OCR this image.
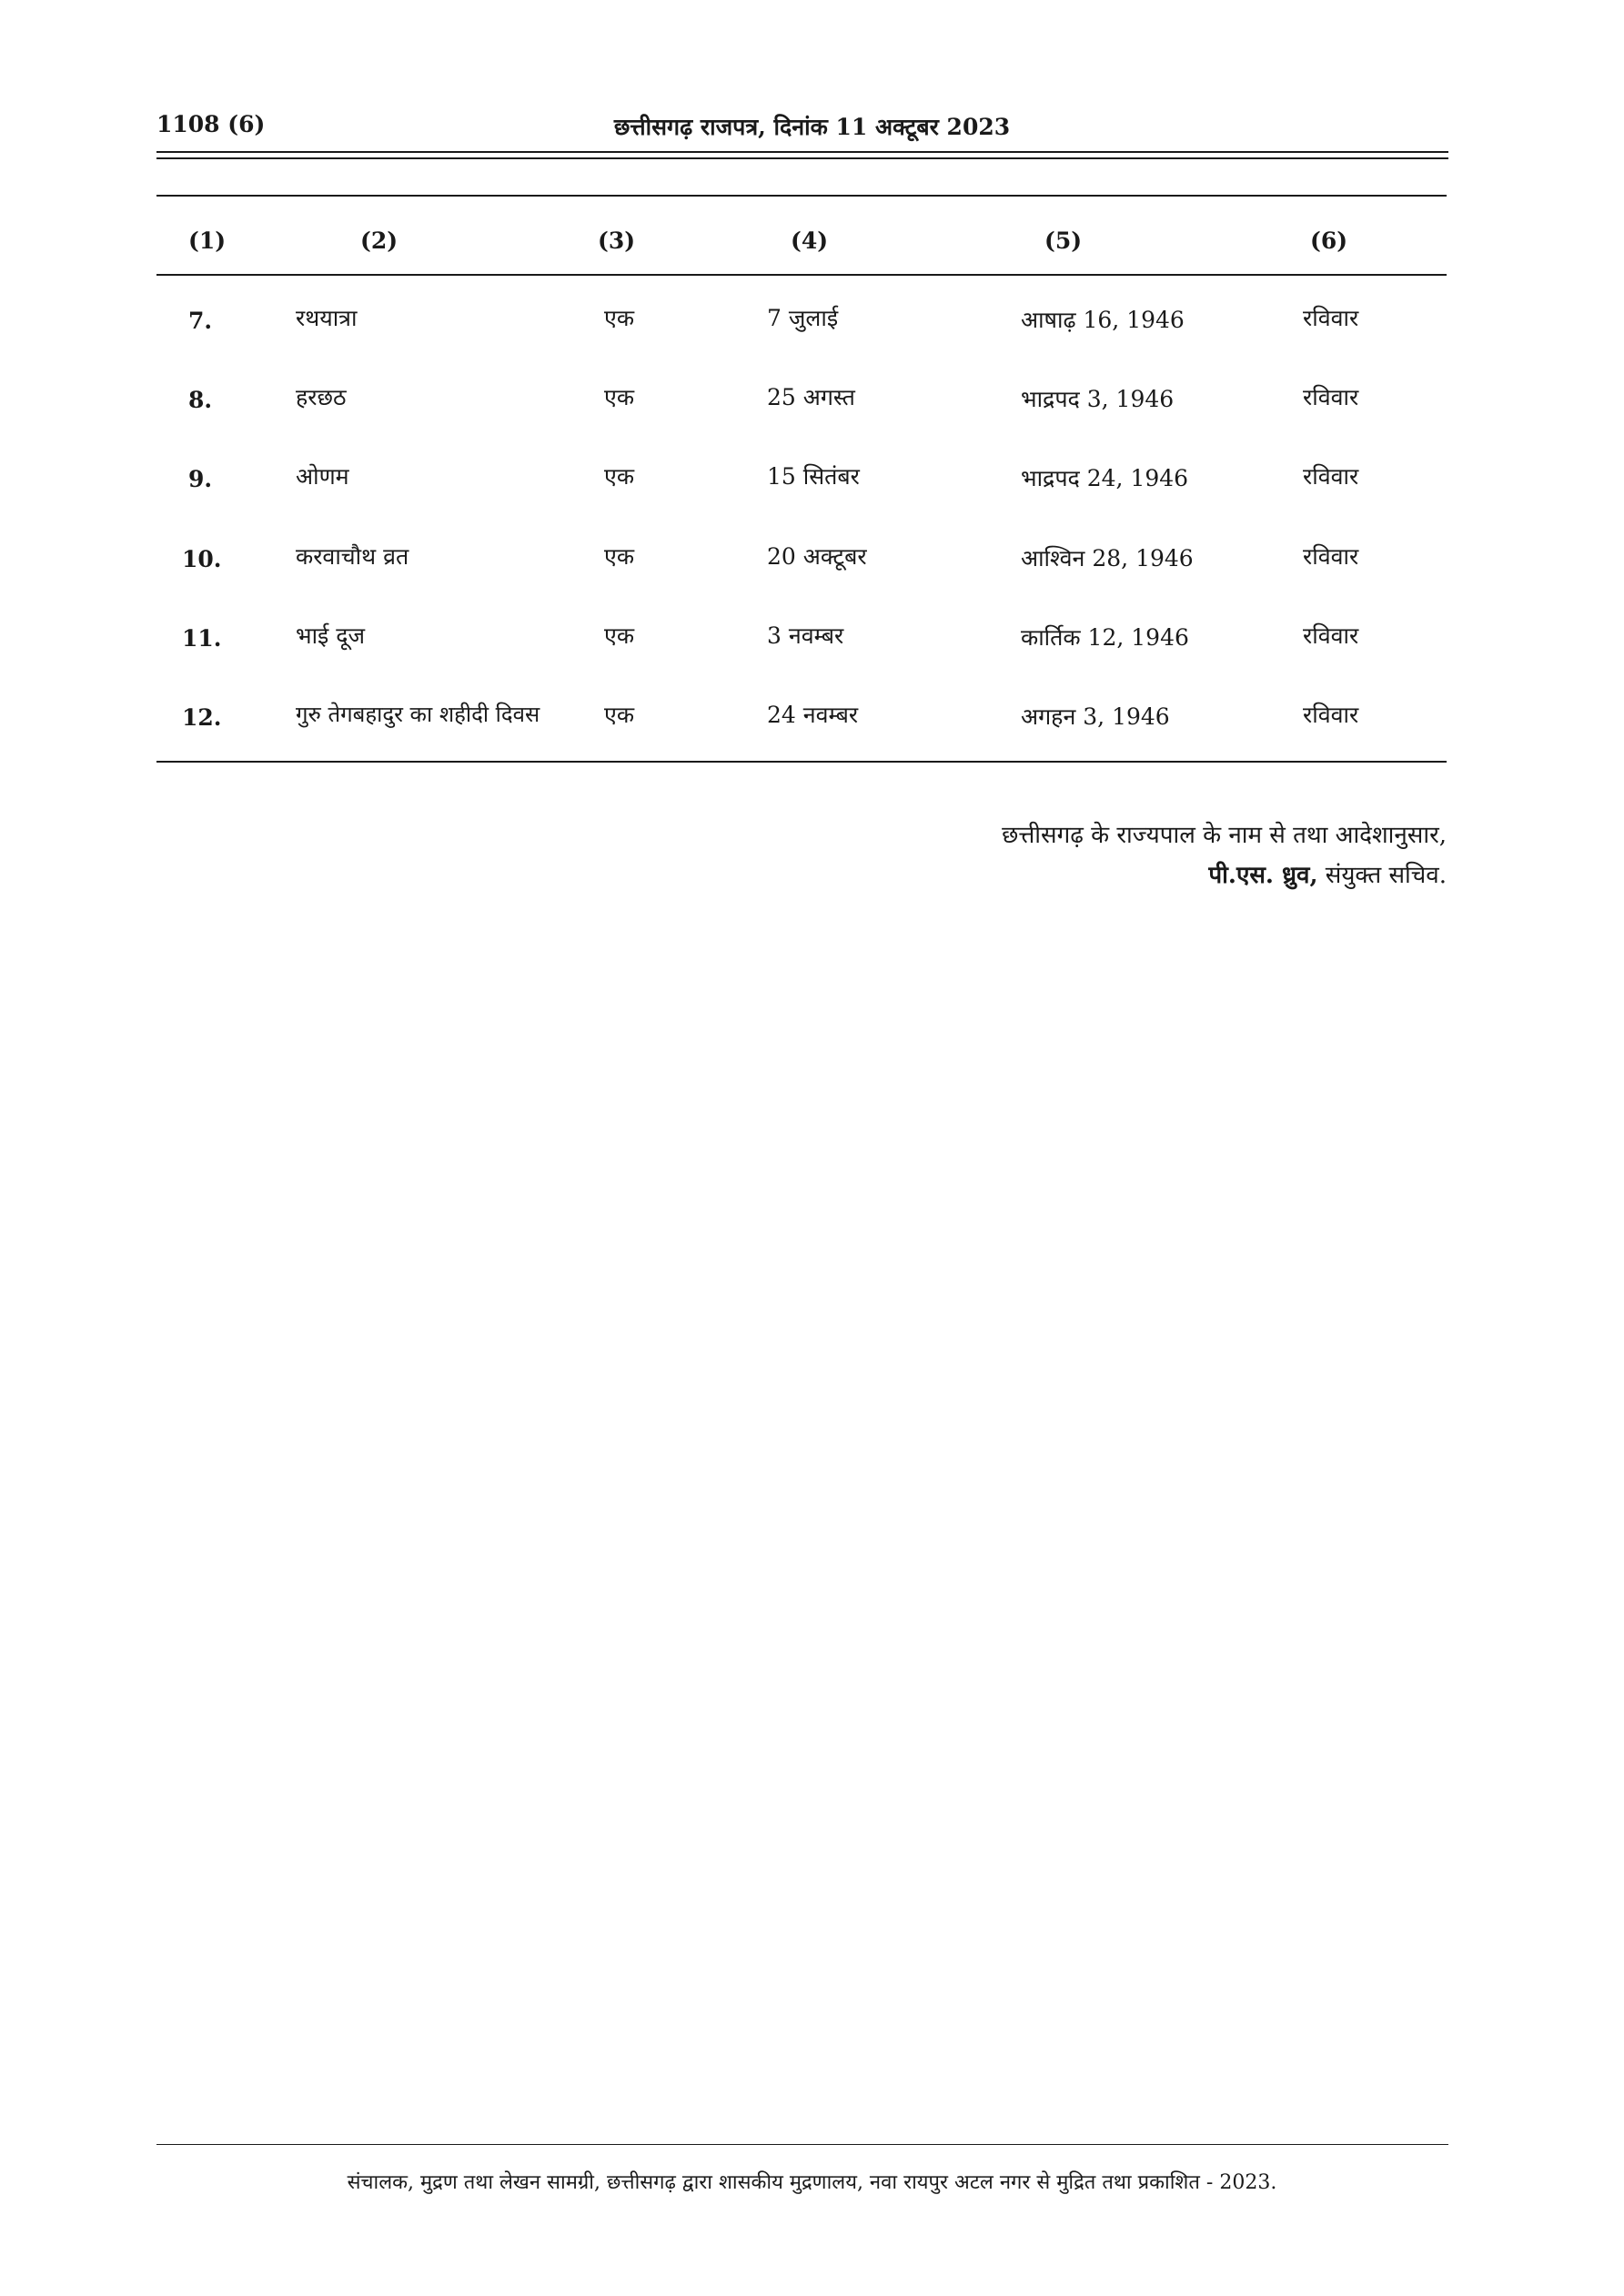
1108 (6)	छत्तीसगढ़ राजपत्र, दिनांक 11 अक्टूबर 2023
(1)	(2)	(3)	(4)	(5)	(6)
7.	रथयात्रा	एक	7 जुलाई	आषाढ़ 16, 1946	रविवार
8.	हरछठ	एक	25 अगस्त	भाद्रपद 3, 1946	रविवार
9.	ओणम	एक	15 सितंबर	भाद्रपद 24, 1946	रविवार
10.	करवाचौथ व्रत	एक	20 अक्टूबर	आश्विन 28, 1946	रविवार
11.	भाई दूज	एक	3 नवम्बर	कार्तिक 12, 1946	रविवार
12.	गुरु तेगबहादुर का शहीदी दिवस	एक	24 नवम्बर	अगहन 3, 1946	रविवार
छत्तीसगढ़ के राज्यपाल के नाम से तथा आदेशानुसार,
पी.एस. ध्रुव, संयुक्त सचिव.
संचालक, मुद्रण तथा लेखन सामग्री, छत्तीसगढ़ द्वारा शासकीय मुद्रणालय, नवा रायपुर अटल नगर से मुद्रित तथा प्रकाशित - 2023.
